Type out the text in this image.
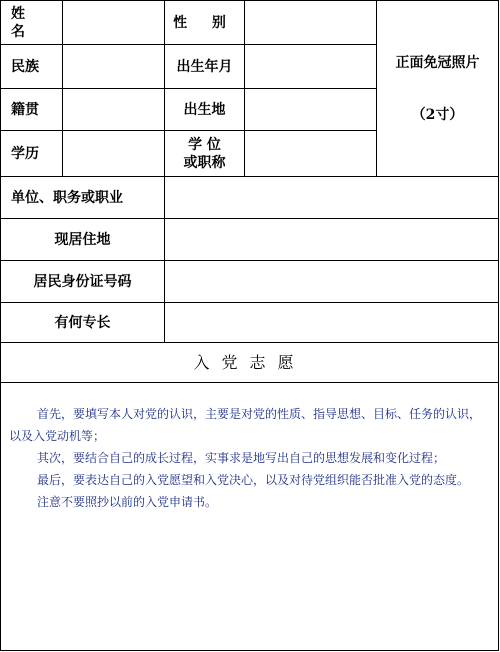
姓 名		性 别		正面免冠照片
（2寸）

民族		出生年月		
籍贯		出生地		
学历		学 位
或职称		

单位、职务或职业				
现居住地				
居民身份证号码				
有何专长				
入党志愿				

首先，要填写本人对党的认识，主要是对党的性质、指导思想、目标、任务的认识，以及入党动机等；

其次，要结合自己的成长过程，实事求是地写出自己的思想发展和变化过程；

最后，要表达自己的入党愿望和入党决心，以及对待党组织能否批准入党的态度。

注意不要照抄以前的入党申请书。				
